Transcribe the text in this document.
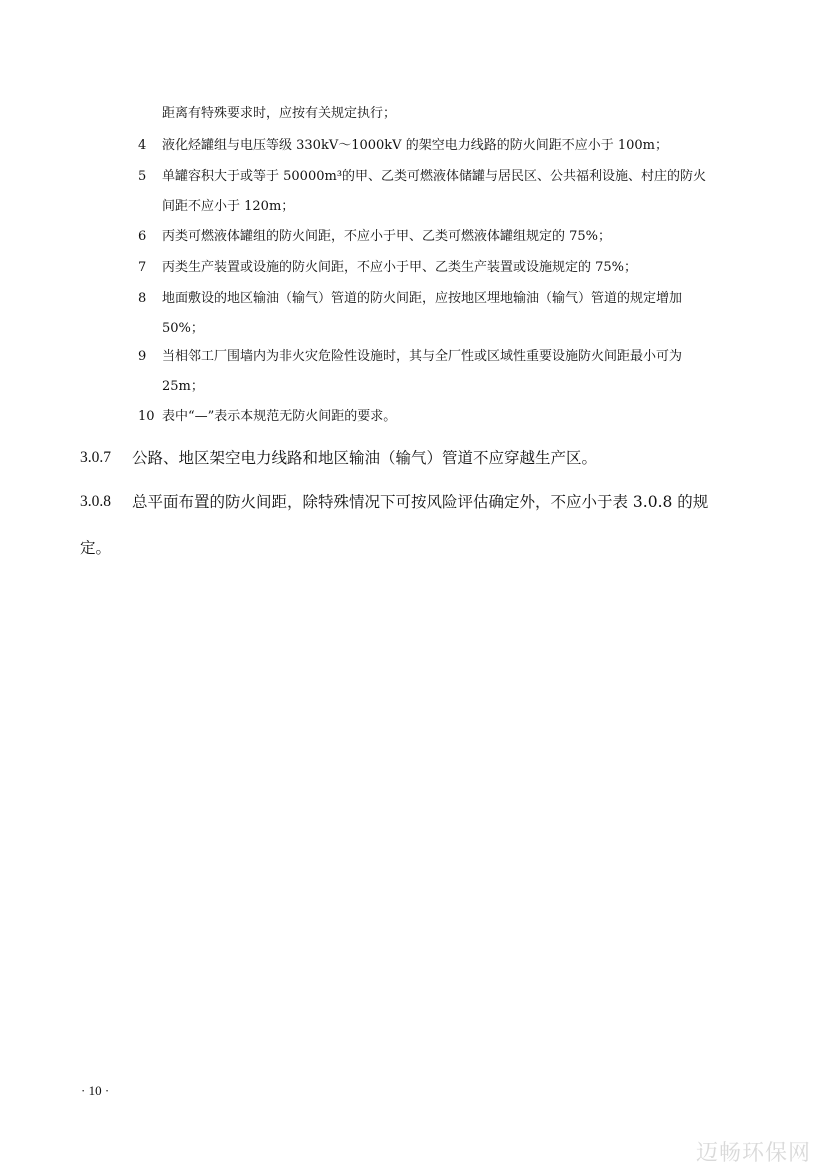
距离有特殊要求时，应按有关规定执行；
4	液化烃罐组与电压等级 330kV～1000kV 的架空电力线路的防火间距不应小于 100m；
5	单罐容积大于或等于 50000m³的甲、乙类可燃液体储罐与居民区、公共福利设施、村庄的防火
间距不应小于 120m；
6	丙类可燃液体罐组的防火间距，不应小于甲、乙类可燃液体罐组规定的 75%；
7	丙类生产装置或设施的防火间距，不应小于甲、乙类生产装置或设施规定的 75%；
8	地面敷设的地区输油（输气）管道的防火间距，应按地区埋地输油（输气）管道的规定增加
50%；
9	当相邻工厂围墙内为非火灾危险性设施时，其与全厂性或区域性重要设施防火间距最小可为
25m；
10 表中“—”表示本规范无防火间距的要求。
3.0.7 公路、地区架空电力线路和地区输油（输气）管道不应穿越生产区。
3.0.8 总平面布置的防火间距，除特殊情况下可按风险评估确定外，不应小于表 3.0.8 的规
定。
· 10 ·
迈畅环保网
